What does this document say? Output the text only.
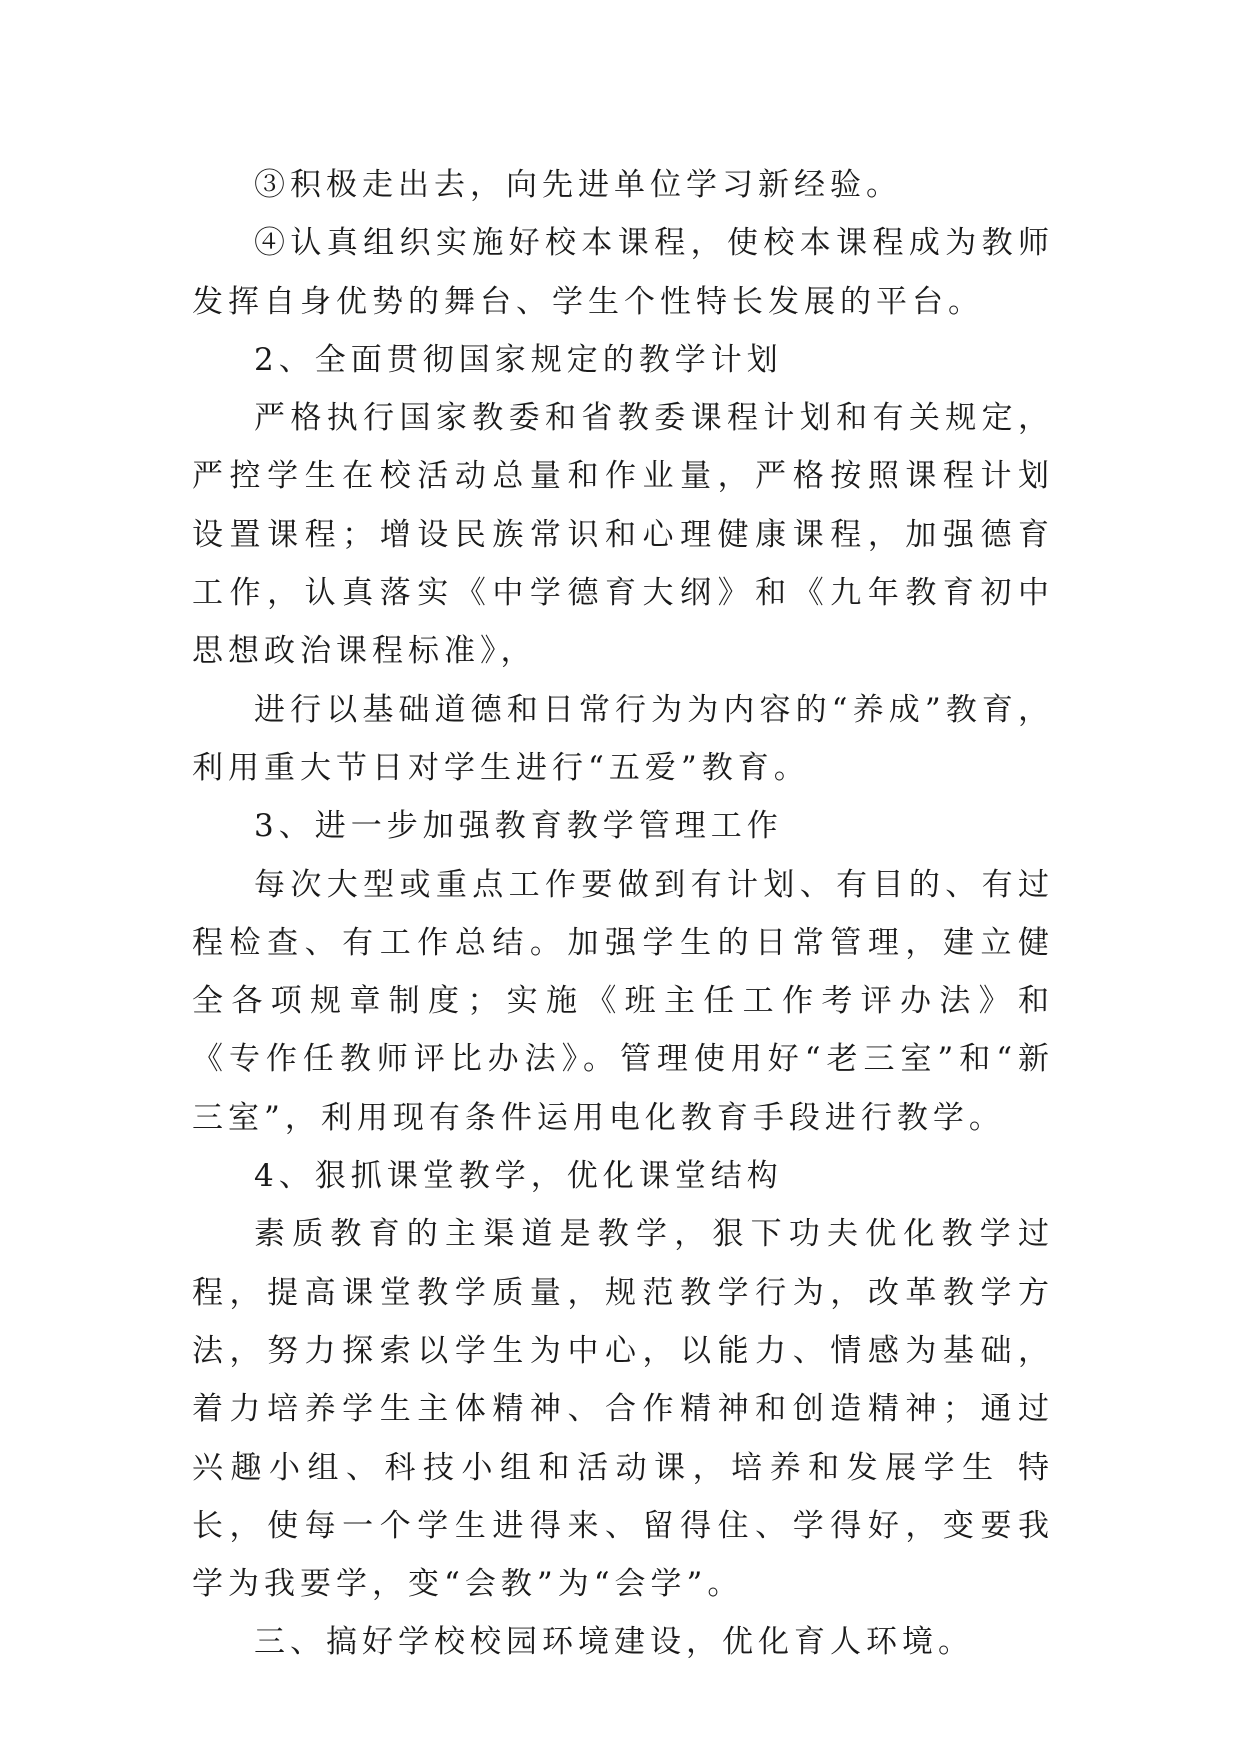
③积极走出去，向先进单位学习新经验。

④认真组织实施好校本课程，使校本课程成为教师发挥自身优势的舞台、学生个性特长发展的平台。

2、全面贯彻国家规定的教学计划

严格执行国家教委和省教委课程计划和有关规定，严控学生在校活动总量和作业量，严格按照课程计划设置课程；增设民族常识和心理健康课程，加强德育工作，认真落实《中学德育大纲》和《九年教育初中思想政治课程标准》，

进行以基础道德和日常行为为内容的“养成”教育，利用重大节日对学生进行“五爱”教育。

3、进一步加强教育教学管理工作

每次大型或重点工作要做到有计划、有目的、有过程检查、有工作总结。加强学生的日常管理，建立健全各项规章制度；实施《班主任工作考评办法》和《专作任教师评比办法》。管理使用好“老三室”和“新三室”，利用现有条件运用电化教育手段进行教学。

4、狠抓课堂教学，优化课堂结构

素质教育的主渠道是教学，狠下功夫优化教学过程，提高课堂教学质量，规范教学行为，改革教学方法，努力探索以学生为中心，以能力、情感为基础，着力培养学生主体精神、合作精神和创造精神；通过兴趣小组、科技小组和活动课，培养和发展学生 特长，使每一个学生进得来、留得住、学得好，变要我学为我要学，变“会教”为“会学”。

三、搞好学校校园环境建设，优化育人环境。
